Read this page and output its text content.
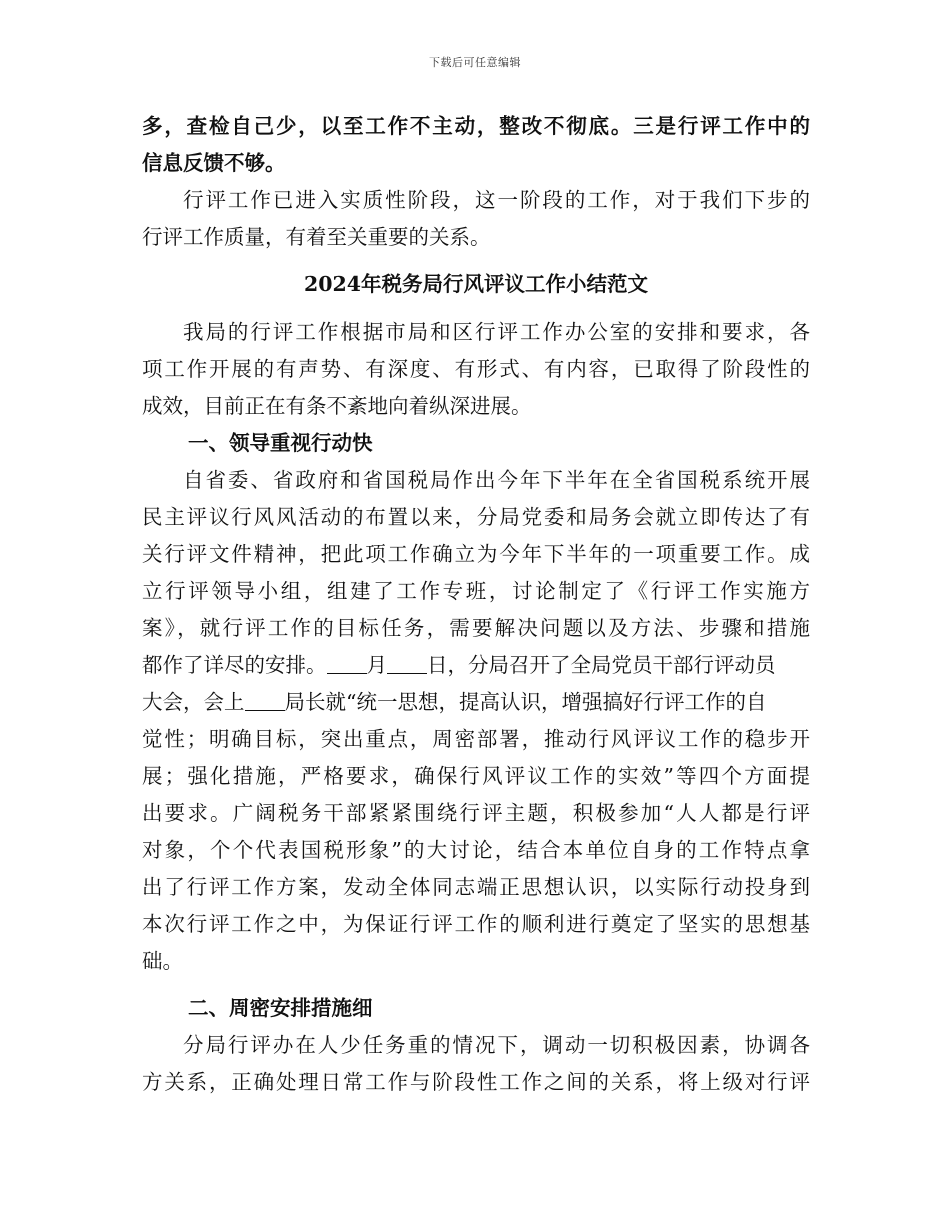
下载后可任意编辑
多，查检自己少，以至工作不主动，整改不彻底。三是行评工作中的
信息反馈不够。
行评工作已进入实质性阶段，这一阶段的工作，对于我们下步的
行评工作质量，有着至关重要的关系。
2024年税务局行风评议工作小结范文
我局的行评工作根据市局和区行评工作办公室的安排和要求，各
项工作开展的有声势、有深度、有形式、有内容，已取得了阶段性的
成效，目前正在有条不紊地向着纵深进展。
一、领导重视行动快
自省委、省政府和省国税局作出今年下半年在全省国税系统开展
民主评议行风风活动的布置以来，分局党委和局务会就立即传达了有
关行评文件精神，把此项工作确立为今年下半年的一项重要工作。成
立行评领导小组，组建了工作专班，讨论制定了《行评工作实施方
案》，就行评工作的目标任务，需要解决问题以及方法、步骤和措施
都作了详尽的安排。 月 日，分局召开了全局党员干部行评动员
大会，会上 局长就“统一思想，提高认识，增强搞好行评工作的自
觉性；明确目标，突出重点，周密部署，推动行风评议工作的稳步开
展；强化措施，严格要求，确保行风评议工作的实效”等四个方面提
出要求。广阔税务干部紧紧围绕行评主题，积极参加“人人都是行评
对象，个个代表国税形象”的大讨论，结合本单位自身的工作特点拿
出了行评工作方案，发动全体同志端正思想认识，以实际行动投身到
本次行评工作之中，为保证行评工作的顺利进行奠定了坚实的思想基
础。
二、周密安排措施细
分局行评办在人少任务重的情况下，调动一切积极因素，协调各
方关系，正确处理日常工作与阶段性工作之间的关系，将上级对行评
